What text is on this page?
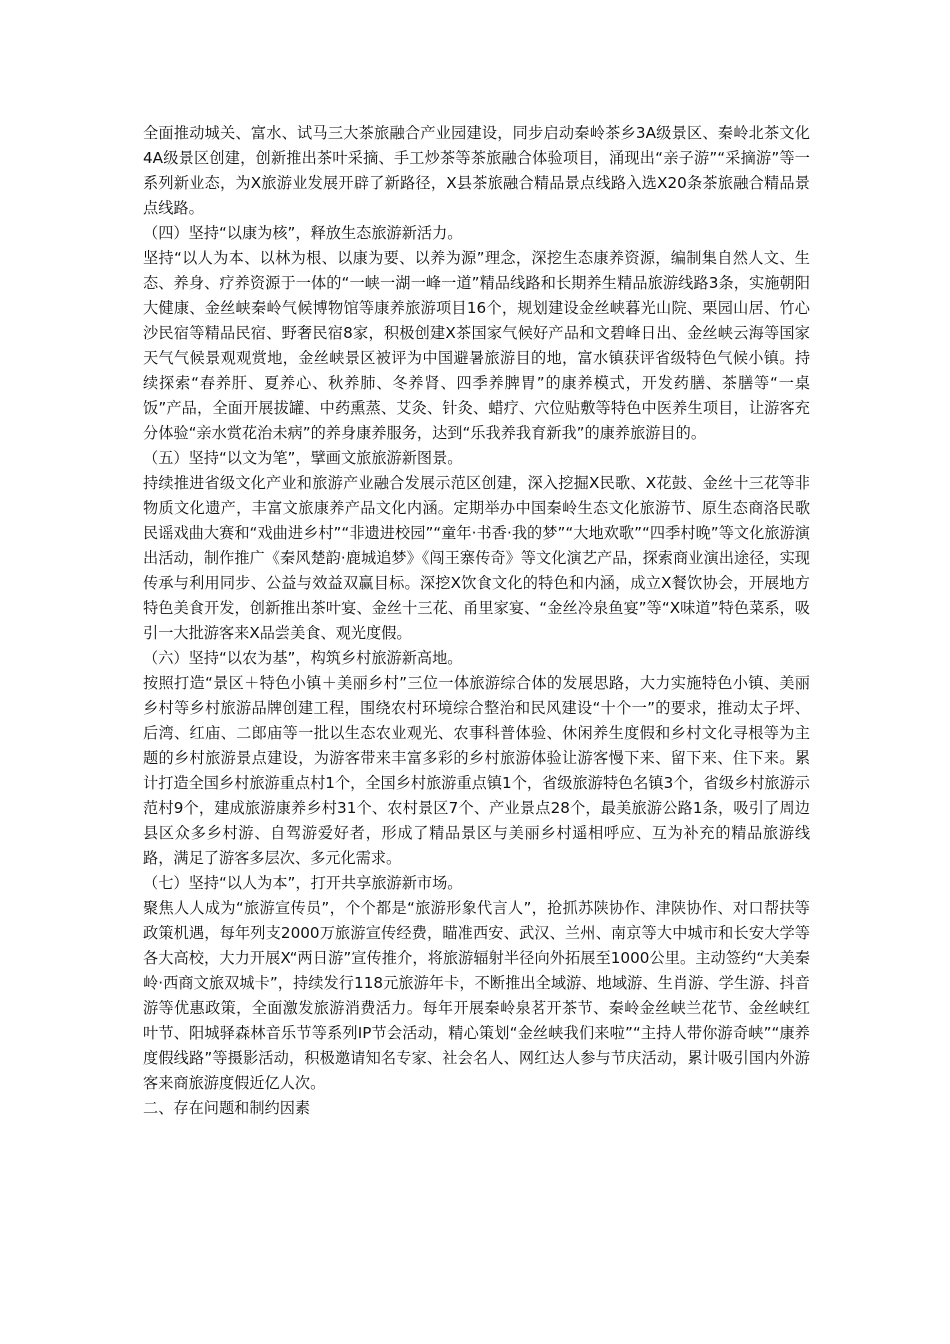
全面推动城关、富水、试马三大茶旅融合产业园建设，同步启动秦岭茶乡3A级景区、秦岭北茶文化4A级景区创建，创新推出茶叶采摘、手工炒茶等茶旅融合体验项目，涌现出“亲子游”“采摘游”等一系列新业态，为X旅游业发展开辟了新路径，X县茶旅融合精品景点线路入选X20条茶旅融合精品景点线路。

（四）坚持“以康为核”，释放生态旅游新活力。

坚持“以人为本、以林为根、以康为要、以养为源”理念，深挖生态康养资源，编制集自然人文、生态、养身、疗养资源于一体的“一峡一湖一峰一道”精品线路和长期养生精品旅游线路3条，实施朝阳大健康、金丝峡秦岭气候博物馆等康养旅游项目16个，规划建设金丝峡暮光山院、栗园山居、竹心沙民宿等精品民宿、野奢民宿8家，积极创建X茶国家气候好产品和文碧峰日出、金丝峡云海等国家天气气候景观观赏地，金丝峡景区被评为中国避暑旅游目的地，富水镇获评省级特色气候小镇。持续探索“春养肝、夏养心、秋养肺、冬养肾、四季养脾胃”的康养模式，开发药膳、茶膳等“一桌饭”产品，全面开展拔罐、中药熏蒸、艾灸、针灸、蜡疗、穴位贴敷等特色中医养生项目，让游客充分体验“亲水赏花治未病”的养身康养服务，达到“乐我养我育新我”的康养旅游目的。

（五）坚持“以文为笔”，擘画文旅旅游新图景。

持续推进省级文化产业和旅游产业融合发展示范区创建，深入挖掘X民歌、X花鼓、金丝十三花等非物质文化遗产，丰富文旅康养产品文化内涵。定期举办中国秦岭生态文化旅游节、原生态商洛民歌民谣戏曲大赛和“戏曲进乡村”“非遗进校园”“童年·书香·我的梦”“大地欢歌”“四季村晚”等文化旅游演出活动，制作推广《秦风楚韵·鹿城追梦》《闯王寨传奇》等文化演艺产品，探索商业演出途径，实现传承与利用同步、公益与效益双赢目标。深挖X饮食文化的特色和内涵，成立X餐饮协会，开展地方特色美食开发，创新推出茶叶宴、金丝十三花、甬里家宴、“金丝冷泉鱼宴”等“X味道”特色菜系，吸引一大批游客来X品尝美食、观光度假。

（六）坚持“以农为基”，构筑乡村旅游新高地。

按照打造“景区＋特色小镇＋美丽乡村”三位一体旅游综合体的发展思路，大力实施特色小镇、美丽乡村等乡村旅游品牌创建工程，围绕农村环境综合整治和民风建设“十个一”的要求，推动太子坪、后湾、红庙、二郎庙等一批以生态农业观光、农事科普体验、休闲养生度假和乡村文化寻根等为主题的乡村旅游景点建设，为游客带来丰富多彩的乡村旅游体验让游客慢下来、留下来、住下来。累计打造全国乡村旅游重点村1个，全国乡村旅游重点镇1个，省级旅游特色名镇3个，省级乡村旅游示范村9个，建成旅游康养乡村31个、农村景区7个、产业景点28个，最美旅游公路1条，吸引了周边县区众多乡村游、自驾游爱好者，形成了精品景区与美丽乡村遥相呼应、互为补充的精品旅游线路，满足了游客多层次、多元化需求。

（七）坚持“以人为本”，打开共享旅游新市场。

聚焦人人成为“旅游宣传员”，个个都是“旅游形象代言人”，抢抓苏陕协作、津陕协作、对口帮扶等政策机遇，每年列支2000万旅游宣传经费，瞄准西安、武汉、兰州、南京等大中城市和长安大学等各大高校，大力开展X“两日游”宣传推介，将旅游辐射半径向外拓展至1000公里。主动签约“大美秦岭·西商文旅双城卡”，持续发行118元旅游年卡，不断推出全域游、地域游、生肖游、学生游、抖音游等优惠政策，全面激发旅游消费活力。每年开展秦岭泉茗开茶节、秦岭金丝峡兰花节、金丝峡红叶节、阳城驿森林音乐节等系列IP节会活动，精心策划“金丝峡我们来啦”“主持人带你游奇峡”“康养度假线路”等摄影活动，积极邀请知名专家、社会名人、网红达人参与节庆活动，累计吸引国内外游客来商旅游度假近亿人次。

二、存在问题和制约因素
